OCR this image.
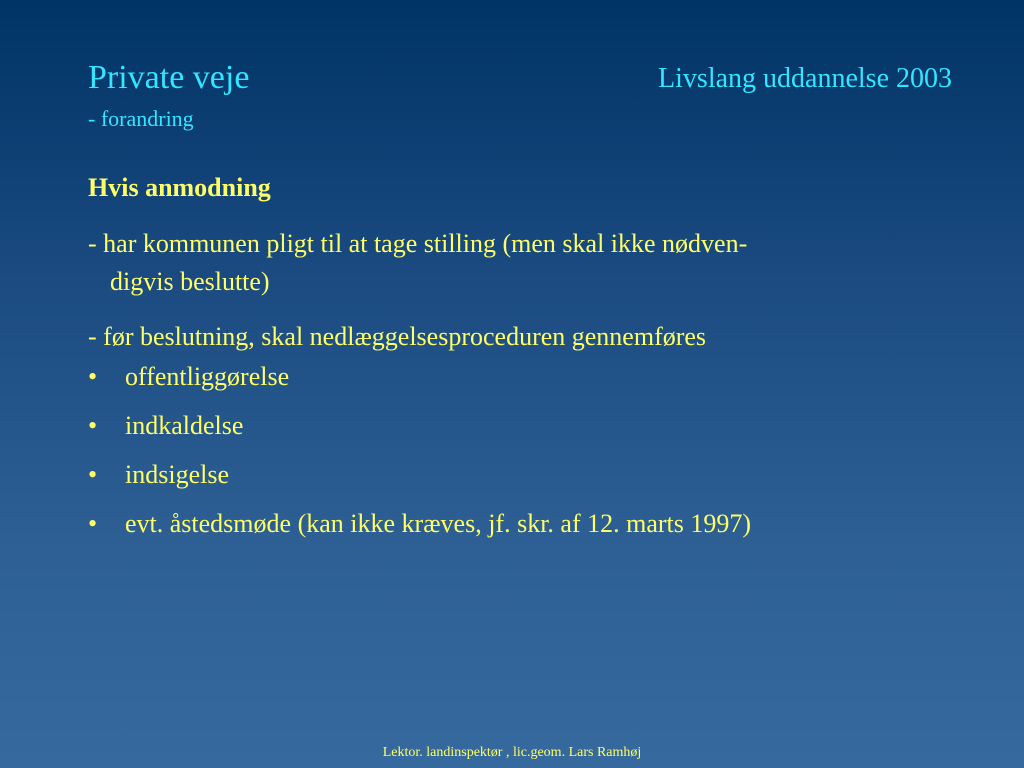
Private veje
- forandring
Livslang uddannelse 2003
Hvis anmodning
- har kommunen pligt til at tage stilling (men skal ikke nødven-
digvis beslutte)
- før beslutning, skal nedlæggelsesproceduren gennemføres
• offentliggørelse
• indkaldelse
• indsigelse
• evt. åstedsmøde (kan ikke kræves, jf. skr. af 12. marts 1997)
Lektor. landinspektør , lic.geom. Lars Ramhøj
